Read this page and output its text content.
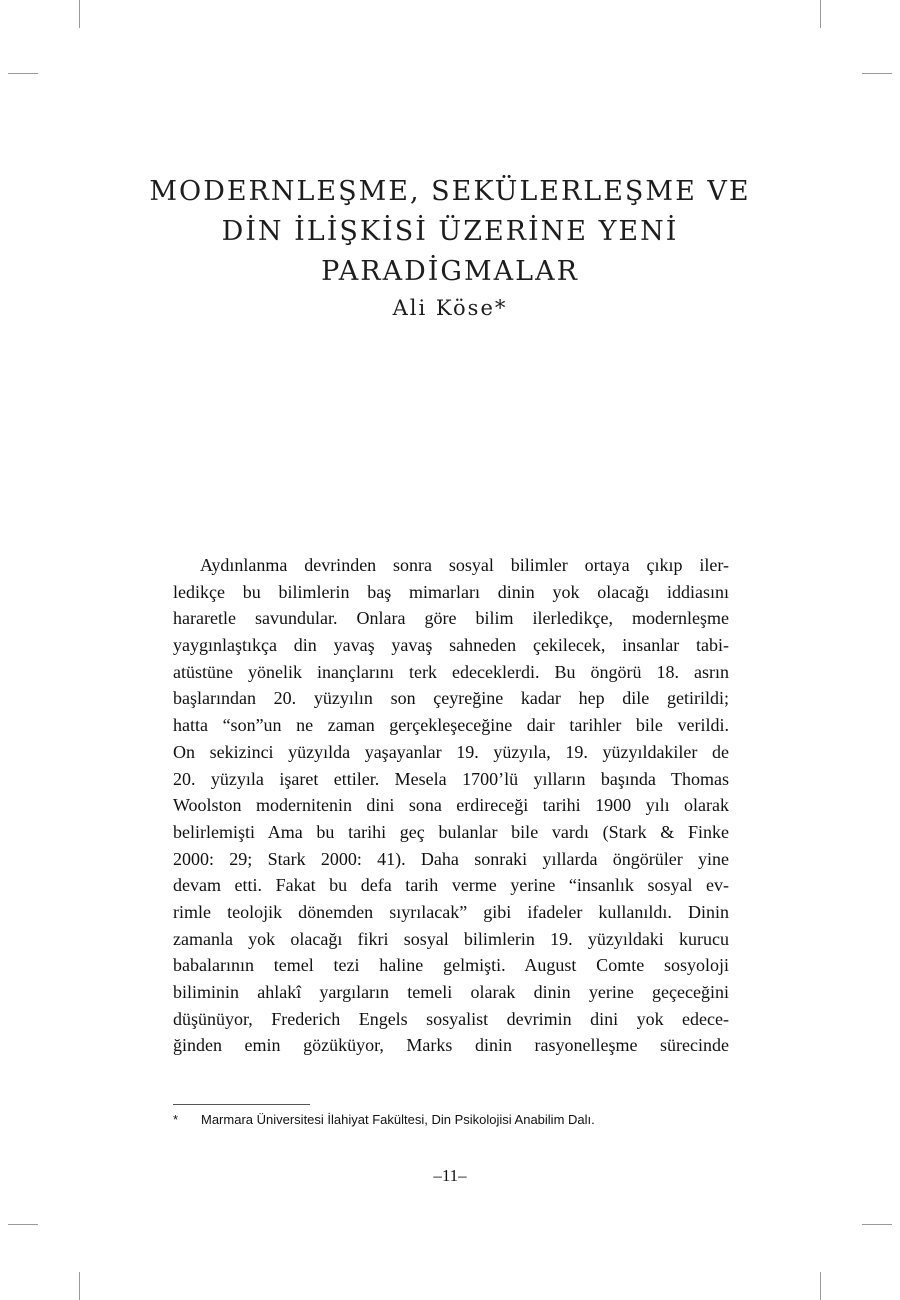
MODERNLEŞME, SEKÜLERLEŞME VE
DİN İLİŞKİSİ ÜZERİNE YENİ
PARADİGMALAR
Ali Köse*
Aydınlanma devrinden sonra sosyal bilimler ortaya çıkıp iler-
ledikçe bu bilimlerin baş mimarları dinin yok olacağı iddiasını
hararetle savundular. Onlara göre bilim ilerledikçe, modernleşme
yaygınlaştıkça din yavaş yavaş sahneden çekilecek, insanlar tabi-
atüstüne yönelik inançlarını terk edeceklerdi. Bu öngörü 18. asrın
başlarından 20. yüzyılın son çeyreğine kadar hep dile getirildi;
hatta “son”un ne zaman gerçekleşeceğine dair tarihler bile verildi.
On sekizinci yüzyılda yaşayanlar 19. yüzyıla, 19. yüzyıldakiler de
20. yüzyıla işaret ettiler. Mesela 1700’lü yılların başında Thomas
Woolston modernitenin dini sona erdireceği tarihi 1900 yılı olarak
belirlemişti Ama bu tarihi geç bulanlar bile vardı (Stark & Finke
2000: 29; Stark 2000: 41). Daha sonraki yıllarda öngörüler yine
devam etti. Fakat bu defa tarih verme yerine “insanlık sosyal ev-
rimle teolojik dönemden sıyrılacak” gibi ifadeler kullanıldı. Dinin
zamanla yok olacağı fikri sosyal bilimlerin 19. yüzyıldaki kurucu
babalarının temel tezi haline gelmişti. August Comte sosyoloji
biliminin ahlakî yargıların temeli olarak dinin yerine geçeceğini
düşünüyor, Frederich Engels sosyalist devrimin dini yok edece-
ğinden emin gözüküyor, Marks dinin rasyonelleşme sürecinde
* Marmara Üniversitesi İlahiyat Fakültesi, Din Psikolojisi Anabilim Dalı.
–11–
